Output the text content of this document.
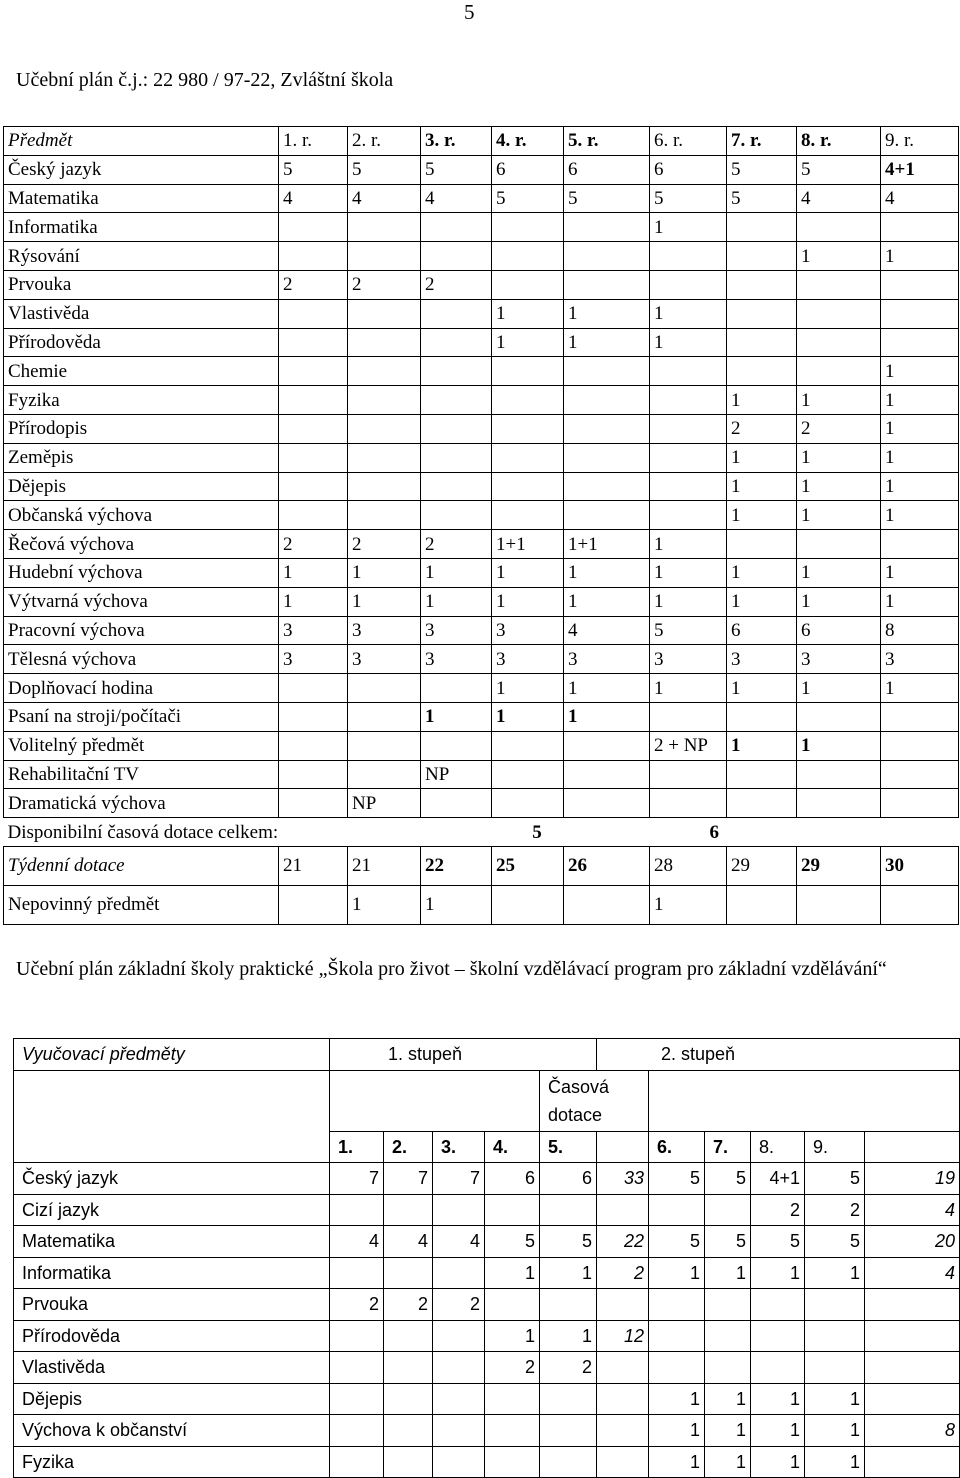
5
Učební plán č.j.: 22 980 / 97-22, Zvláštní škola
Předmět	1. r.	2. r.	3. r.	4. r.	5. r.	6. r.	7. r.	8. r.	9. r.
Český jazyk	5	5	5	6	6	6	5	5	4+1
Matematika	4	4	4	5	5	5	5	4	4
Informatika						1			
Rýsování								1	1
Prvouka	2	2	2						
Vlastivěda				1	1	1			
Přírodověda				1	1	1			
Chemie									1
Fyzika							1	1	1
Přírodopis							2	2	1
Zeměpis							1	1	1
Dějepis							1	1	1
Občanská výchova							1	1	1
Řečová výchova	2	2	2	1+1	1+1	1			
Hudební výchova	1	1	1	1	1	1	1	1	1
Výtvarná výchova	1	1	1	1	1	1	1	1	1
Pracovní výchova	3	3	3	3	4	5	6	6	8
Tělesná výchova	3	3	3	3	3	3	3	3	3
Doplňovací hodina				1	1	1	1	1	1
Psaní na stroji/počítači			1	1	1				
Volitelný předmět						2 + NP	1	1	
Rehabilitační TV			NP						
Dramatická výchova		NP							
Disponibilní časová dotace celkem:			5			6			
Týdenní dotace	21	21	22	25	26	28	29	29	30
Nepovinný předmět		1	1			1			
Učební plán základní školy praktické „Škola pro život – školní vzdělávací program pro základní vzdělávání“
Vyučovací předměty	1. stupeň					2. stupeň					
					Časová dotace						
	1.	2.	3.	4.	5.		6.	7.	8.	9.	
Český jazyk	7	7	7	6	6	33	5	5	4+1	5	19
Cizí jazyk									2	2	4
Matematika	4	4	4	5	5	22	5	5	5	5	20
Informatika				1	1	2	1	1	1	1	4
Prvouka	2	2	2								
Přírodověda				1	1	12					
Vlastivěda				2	2						
Dějepis							1	1	1	1	
Výchova k občanství							1	1	1	1	8
Fyzika							1	1	1	1	
